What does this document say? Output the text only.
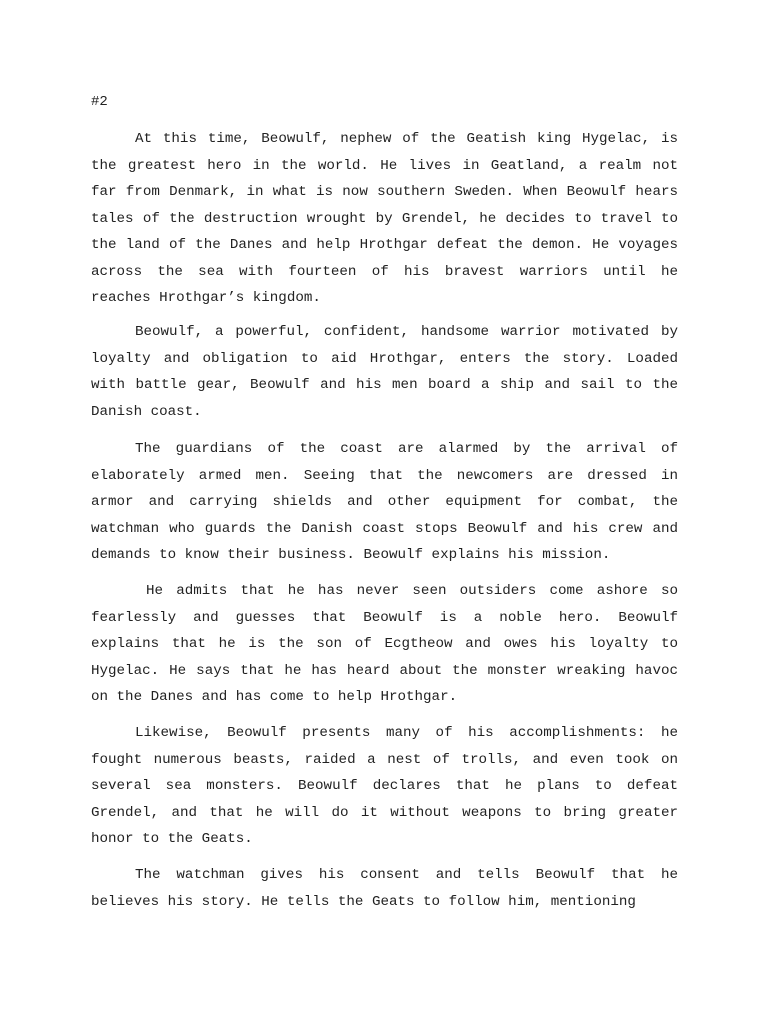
#2

At this time, Beowulf, nephew of the Geatish king Hygelac, is the greatest hero in the world. He lives in Geatland, a realm not far from Denmark, in what is now southern Sweden. When Beowulf hears tales of the destruction wrought by Grendel, he decides to travel to the land of the Danes and help Hrothgar defeat the demon. He voyages across the sea with fourteen of his bravest warriors until he reaches Hrothgar’s kingdom.

Beowulf, a powerful, confident, handsome warrior motivated by loyalty and obligation to aid Hrothgar, enters the story. Loaded with battle gear, Beowulf and his men board a ship and sail to the Danish coast.

The guardians of the coast are alarmed by the arrival of elaborately armed men. Seeing that the newcomers are dressed in armor and carrying shields and other equipment for combat, the watchman who guards the Danish coast stops Beowulf and his crew and demands to know their business. Beowulf explains his mission.

He admits that he has never seen outsiders come ashore so fearlessly and guesses that Beowulf is a noble hero. Beowulf explains that he is the son of Ecgtheow and owes his loyalty to Hygelac. He says that he has heard about the monster wreaking havoc on the Danes and has come to help Hrothgar.

Likewise, Beowulf presents many of his accomplishments: he fought numerous beasts, raided a nest of trolls, and even took on several sea monsters. Beowulf declares that he plans to defeat Grendel, and that he will do it without weapons to bring greater honor to the Geats.

The watchman gives his consent and tells Beowulf that he believes his story. He tells the Geats to follow him, mentioning
